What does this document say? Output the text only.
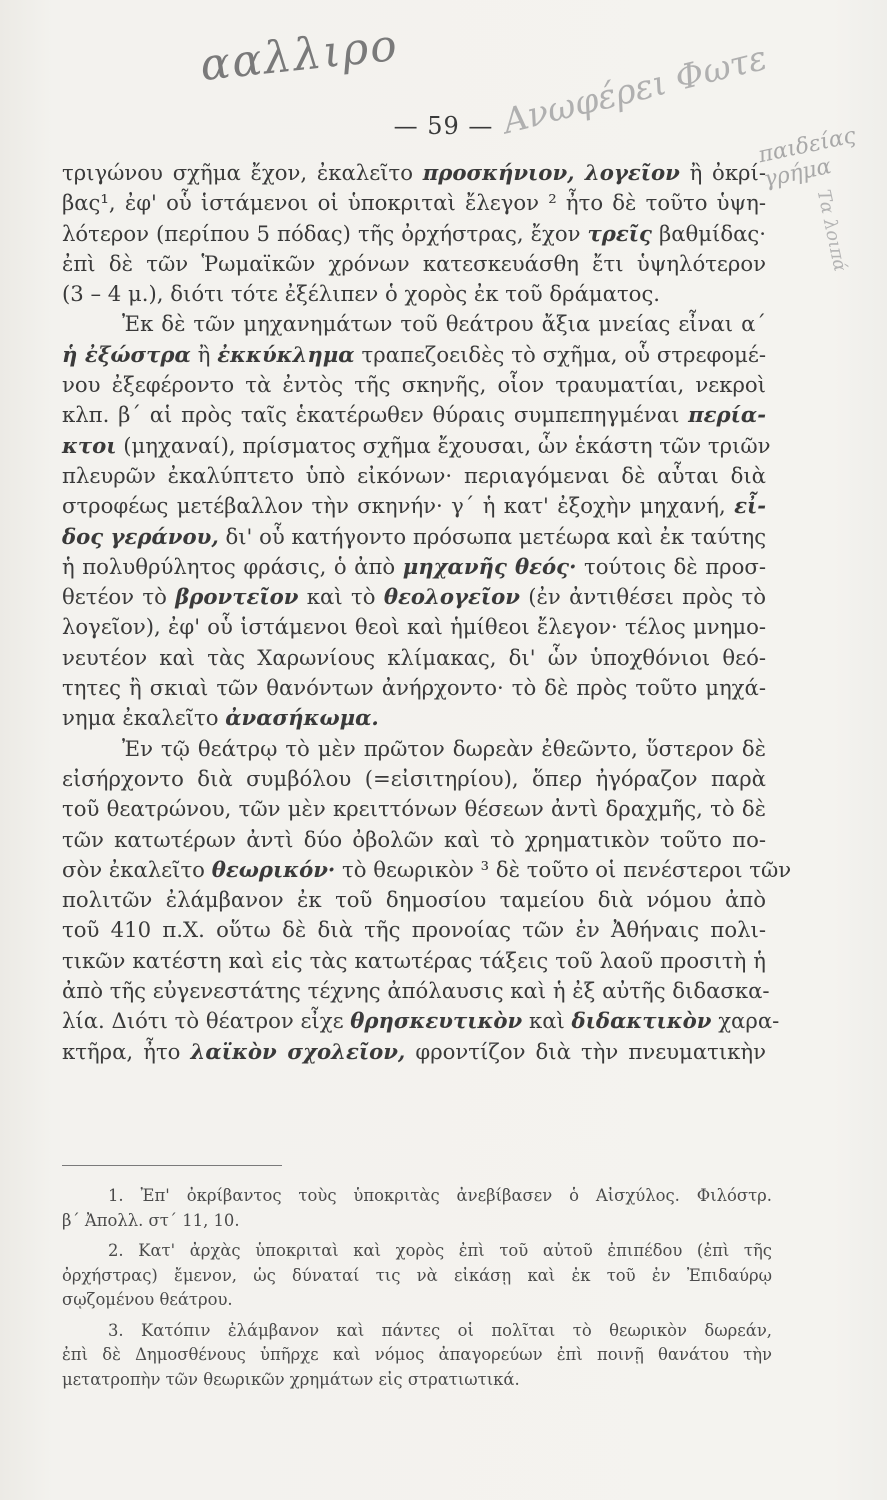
ααλλιρο	Ανωφέρει Φωτε
παιδείας γρήμα
Τα λοιπά
— 59 —
τριγώνου σχῆμα ἔχον, ἐκαλεῖτο προσκήνιον, λογεῖον ἢ ὀκρί-
βας¹, ἐφ' οὗ ἱστάμενοι οἱ ὑποκριταὶ ἔλεγον ² ἦτο δὲ τοῦτο ὑψη-
λότερον (περίπου 5 πόδας) τῆς ὀρχήστρας, ἔχον τρεῖς βαθμίδας·
ἐπὶ δὲ τῶν Ῥωμαϊκῶν χρόνων κατεσκευάσθη ἔτι ὑψηλότερον
(3 – 4 μ.), διότι τότε ἐξέλιπεν ὁ χορὸς ἐκ τοῦ δράματος.
Ἐκ δὲ τῶν μηχανημάτων τοῦ θεάτρου ἄξια μνείας εἶναι α΄
ἡ ἐξώστρα ἢ ἐκκύκλημα τραπεζοειδὲς τὸ σχῆμα, οὗ στρεφομέ-
νου ἐξεφέροντο τὰ ἐντὸς τῆς σκηνῆς, οἷον τραυματίαι, νεκροὶ
κλπ. β΄ αἱ πρὸς ταῖς ἑκατέρωθεν θύραις συμπεπηγμέναι περία-
κτοι (μηχαναί), πρίσματος σχῆμα ἔχουσαι, ὧν ἑκάστη τῶν τριῶν
πλευρῶν ἐκαλύπτετο ὑπὸ εἰκόνων· περιαγόμεναι δὲ αὗται διὰ
στροφέως μετέβαλλον τὴν σκηνήν· γ΄ ἡ κατ' ἐξοχὴν μηχανή, εἶ-
δος γεράνου, δι' οὗ κατήγοντο πρόσωπα μετέωρα καὶ ἐκ ταύτης
ἡ πολυθρύλητος φράσις, ὁ ἀπὸ μηχανῆς θεός· τούτοις δὲ προσ-
θετέον τὸ βροντεῖον καὶ τὸ θεολογεῖον (ἐν ἀντιθέσει πρὸς τὸ
λογεῖον), ἐφ' οὗ ἱστάμενοι θεοὶ καὶ ἡμίθεοι ἔλεγον· τέλος μνημο-
νευτέον καὶ τὰς Χαρωνίους κλίμακας, δι' ὧν ὑποχθόνιοι θεό-
τητες ἢ σκιαὶ τῶν θανόντων ἀνήρχοντο· τὸ δὲ πρὸς τοῦτο μηχά-
νημα ἐκαλεῖτο ἀνασήκωμα.
Ἐν τῷ θεάτρῳ τὸ μὲν πρῶτον δωρεὰν ἐθεῶντο, ὕστερον δὲ
εἰσήρχοντο διὰ συμβόλου (=εἰσιτηρίου), ὅπερ ἠγόραζον παρὰ
τοῦ θεατρώνου, τῶν μὲν κρειττόνων θέσεων ἀντὶ δραχμῆς, τὸ δὲ
τῶν κατωτέρων ἀντὶ δύο ὀβολῶν καὶ τὸ χρηματικὸν τοῦτο πο-
σὸν ἐκαλεῖτο θεωρικόν· τὸ θεωρικὸν ³ δὲ τοῦτο οἱ πενέστεροι τῶν
πολιτῶν ἐλάμβανον ἐκ τοῦ δημοσίου ταμείου διὰ νόμου ἀπὸ
τοῦ 410 π.Χ. οὕτω δὲ διὰ τῆς προνοίας τῶν ἐν Ἀθήναις πολι-
τικῶν κατέστη καὶ εἰς τὰς κατωτέρας τάξεις τοῦ λαοῦ προσιτὴ ἡ
ἀπὸ τῆς εὐγενεστάτης τέχνης ἀπόλαυσις καὶ ἡ ἐξ αὐτῆς διδασκα-
λία. Διότι τὸ θέατρον εἶχε θρησκευτικὸν καὶ διδακτικὸν χαρα-
κτῆρα, ἦτο λαϊκὸν σχολεῖον, φροντίζον διὰ τὴν πνευματικὴν
1. Ἐπ' ὀκρίβαντος τοὺς ὑποκριτὰς ἀνεβίβασεν ὁ Αἰσχύλος. Φιλόστρ.
β΄ Ἀπολλ. στ΄ 11, 10.
2. Κατ' ἀρχὰς ὑποκριταὶ καὶ χορὸς ἐπὶ τοῦ αὐτοῦ ἐπιπέδου (ἐπὶ τῆς
ὀρχήστρας) ἔμενον, ὡς δύναταί τις νὰ εἰκάσῃ καὶ ἐκ τοῦ ἐν Ἐπιδαύρῳ
σῳζομένου θεάτρου.
3. Κατόπιν ἐλάμβανον καὶ πάντες οἱ πολῖται τὸ θεωρικὸν δωρεάν,
ἐπὶ δὲ Δημοσθένους ὑπῆρχε καὶ νόμος ἀπαγορεύων ἐπὶ ποινῇ θανάτου τὴν
μετατροπὴν τῶν θεωρικῶν χρημάτων εἰς στρατιωτικά.
